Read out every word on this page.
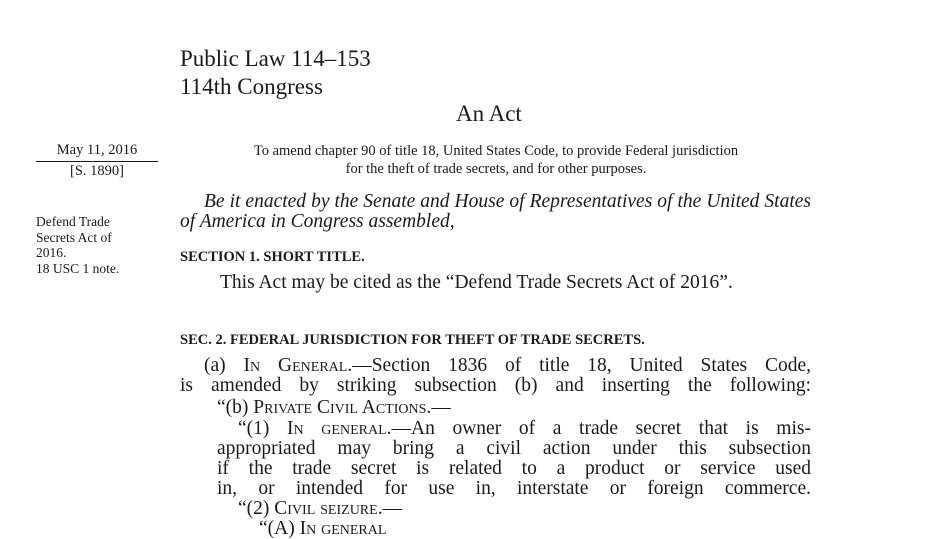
Public Law 114–153
114th Congress
An Act
May 11, 2016
[S. 1890]
Defend Trade
Secrets Act of
2016.
18 USC 1 note.
To amend chapter 90 of title 18, United States Code, to provide Federal jurisdiction
for the theft of trade secrets, and for other purposes.
Be it enacted by the Senate and House of Representatives of the United States of America in Congress assembled,
SECTION 1. SHORT TITLE.
This Act may be cited as the “Defend Trade Secrets Act of 2016”.
SEC. 2. FEDERAL JURISDICTION FOR THEFT OF TRADE SECRETS.
(a) In General.—Section 1836 of title 18, United States Code,
is amended by striking subsection (b) and inserting the following:
“(b) Private Civil Actions.—
“(1) In general.—An owner of a trade secret that is mis-
appropriated may bring a civil action under this subsection
if the trade secret is related to a product or service used
in, or intended for use in, interstate or foreign commerce.
“(2) Civil seizure.—
“(A) In general
